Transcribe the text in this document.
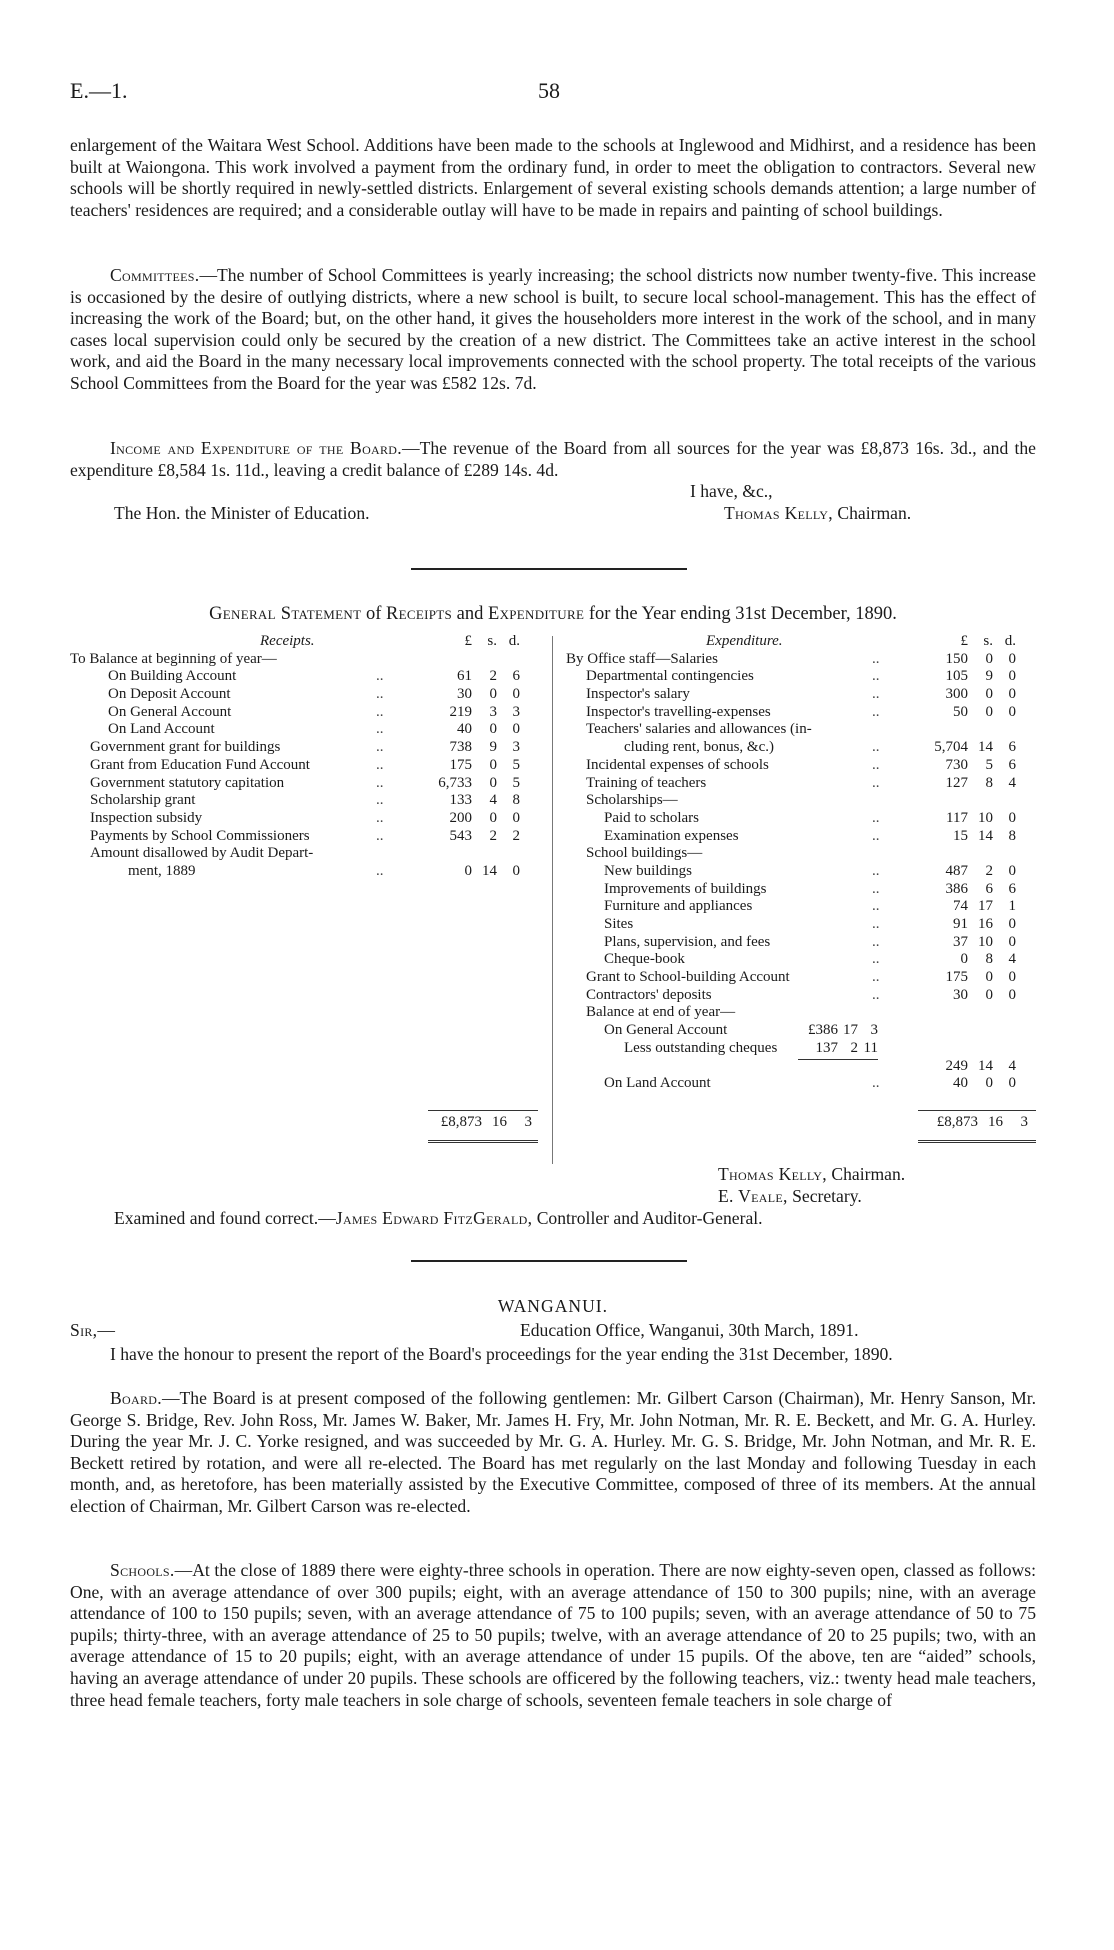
E.—1.	58

enlargement of the Waitara West School. Additions have been made to the schools at Inglewood and Midhirst, and a residence has been built at Waiongona. This work involved a payment from the ordinary fund, in order to meet the obligation to contractors. Several new schools will be shortly required in newly-settled districts. Enlargement of several existing schools demands attention; a large number of teachers' residences are required; and a considerable outlay will have to be made in repairs and painting of school buildings.

Committees.—The number of School Committees is yearly increasing; the school districts now number twenty-five. This increase is occasioned by the desire of outlying districts, where a new school is built, to secure local school-management. This has the effect of increasing the work of the Board; but, on the other hand, it gives the householders more interest in the work of the school, and in many cases local supervision could only be secured by the creation of a new district. The Committees take an active interest in the school work, and aid the Board in the many necessary local improvements connected with the school property. The total receipts of the various School Committees from the Board for the year was £582 12s. 7d.

Income and Expenditure of the Board.—The revenue of the Board from all sources for the year was £8,873 16s. 3d., and the expenditure £8,584 1s. 11d., leaving a credit balance of £289 14s. 4d.

I have, &c.,
The Hon. the Minister of Education.	Thomas Kelly, Chairman.
General Statement of Receipts and Expenditure for the Year ending 31st December, 1890.
Receipts.	£	s. d.
To Balance at beginning of year—
On Building Account	..	61	2	6
On Deposit Account	..	30	0	0
On General Account	..	219	3	3
On Land Account	..	40	0	0
Government grant for buildings	..	738	9	3
Grant from Education Fund Account	..	175	0	5
Government statutory capitation	..	6,733	0	5
Scholarship grant	..	133	4	8
Inspection subsidy	..	200	0	0
Payments by School Commissioners	..	543	2	2
Amount disallowed by Audit Depart-
ment, 1889	..	0 14	0
£8,873 16	3
Expenditure.	£	s. d.
By Office staff—Salaries	..	150	0	0
Departmental contingencies	..	105	9	0
Inspector's salary	..	300	0	0
Inspector's travelling-expenses	..	50	0	0
Teachers' salaries and allowances (in-
cluding rent, bonus, &c.)	..	5,704 14	6
Incidental expenses of schools	..	730	5	6
Training of teachers	..	127	8	4
Scholarships—
Paid to scholars	..	117 10	0
Examination expenses	..	15 14	8
School buildings—
New buildings	..	487	2	0
Improvements of buildings	..	386	6	6
Furniture and appliances	..	74 17	1
Sites	..	91 16	0
Plans, supervision, and fees	..	37 10	0
Cheque-book	..	0	8	4
Grant to School-building Account	..	175	0	0
Contractors' deposits	..	30	0	0
Balance at end of year—
On General Account	£386 17 3
Less outstanding cheques	137 2 11
249 14	4
On Land Account	..	40	0	0
£8,873 16	3
Thomas Kelly, Chairman.
E. Veale, Secretary.
Examined and found correct.—James Edward FitzGerald, Controller and Auditor-General.
WANGANUI.
Sir,—	Education Office, Wanganui, 30th March, 1891.

I have the honour to present the report of the Board's proceedings for the year ending the 31st December, 1890.

Board.—The Board is at present composed of the following gentlemen: Mr. Gilbert Carson (Chairman), Mr. Henry Sanson, Mr. George S. Bridge, Rev. John Ross, Mr. James W. Baker, Mr. James H. Fry, Mr. John Notman, Mr. R. E. Beckett, and Mr. G. A. Hurley. During the year Mr. J. C. Yorke resigned, and was succeeded by Mr. G. A. Hurley. Mr. G. S. Bridge, Mr. John Notman, and Mr. R. E. Beckett retired by rotation, and were all re-elected. The Board has met regularly on the last Monday and following Tuesday in each month, and, as heretofore, has been materially assisted by the Executive Committee, composed of three of its members. At the annual election of Chairman, Mr. Gilbert Carson was re-elected.

Schools.—At the close of 1889 there were eighty-three schools in operation. There are now eighty-seven open, classed as follows: One, with an average attendance of over 300 pupils; eight, with an average attendance of 150 to 300 pupils; nine, with an average attendance of 100 to 150 pupils; seven, with an average attendance of 75 to 100 pupils; seven, with an average attendance of 50 to 75 pupils; thirty-three, with an average attendance of 25 to 50 pupils; twelve, with an average attendance of 20 to 25 pupils; two, with an average attendance of 15 to 20 pupils; eight, with an average attendance of under 15 pupils. Of the above, ten are “aided” schools, having an average attendance of under 20 pupils. These schools are officered by the following teachers, viz.: twenty head male teachers, three head female teachers, forty male teachers in sole charge of schools, seventeen female teachers in sole charge of
